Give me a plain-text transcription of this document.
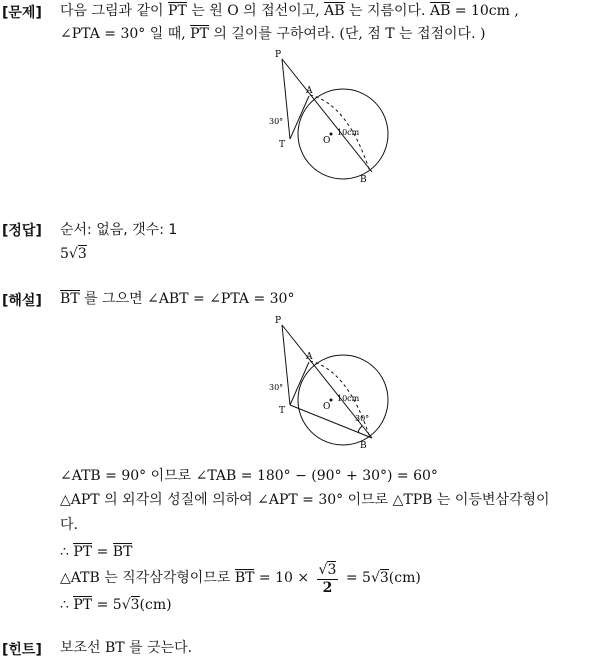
[문제] 다음 그림과 같이 PT 는 원 O 의 접선이고, AB 는 지름이다. AB = 10cm ,
∠PTA = 30° 일 때, PT 의 길이를 구하여라. (단, 점 T 는 접점이다. )
P
A
T	O
B
30°
10cm
[정답] 순서: 없음, 갯수: 1
5√3
[해설] BT 를 그으면 ∠ABT = ∠PTA = 30°
P
A
T	O
B
30°
30°
10cm
∠ATB = 90° 이므로 ∠TAB = 180° − (90° + 30°) = 60°
△APT 의 외각의 성질에 의하여 ∠APT = 30° 이므로 △TPB 는 이등변삼각형이
다.
∴ PT = BT
△ATB 는 직각삼각형이므로 BT = $10 \times \frac{√3}{2} = 5√3(cm)$
∴ PT = 5√3(cm)
[힌트] 보조선 BT 를 긋는다.
